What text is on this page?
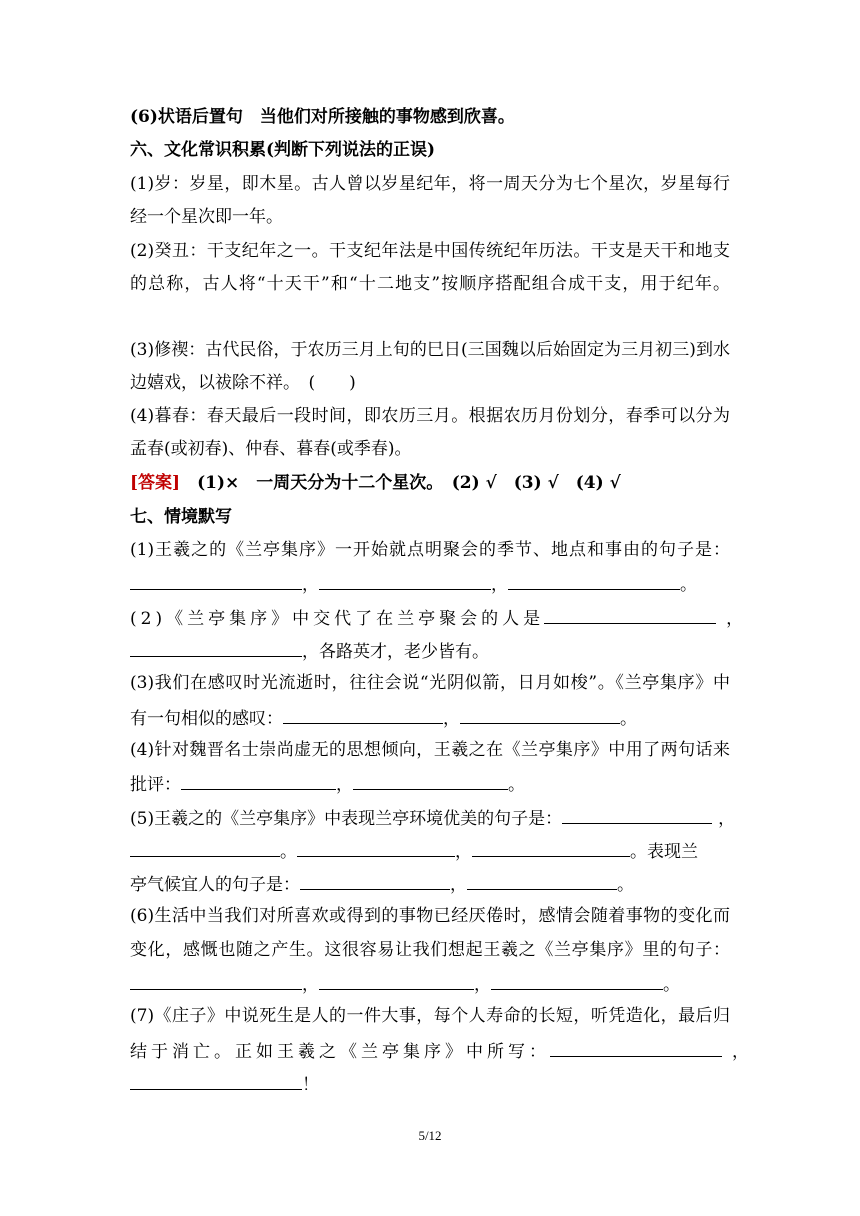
(6)状语后置句　当他们对所接触的事物感到欣喜。
六、文化常识积累(判断下列说法的正误)
(1)岁：岁星，即木星。古人曾以岁星纪年，将一周天分为七个星次，岁星每行
经一个星次即一年。
(2)癸丑：干支纪年之一。干支纪年法是中国传统纪年历法。干支是天干和地支
的总称，古人将“十天干”和“十二地支”按顺序搭配组合成干支，用于纪年。
(3)修禊：古代民俗，于农历三月上旬的巳日(三国魏以后始固定为三月初三)到水
边嬉戏，以祓除不祥。　(　　)
(4)暮春：春天最后一段时间，即农历三月。根据农历月份划分，春季可以分为
孟春(或初春)、仲春、暮春(或季春)。
[答案]　(1)×　一周天分为十二个星次。　(2) √　(3) √　(4) √
七、情境默写
(1)王羲之的《兰亭集序》一开始就点明聚会的季节、地点和事由的句子是：
，	，	。
(2)《兰亭集序》中交代了在兰亭聚会的人是	，
，各路英才，老少皆有。
(3)我们在感叹时光流逝时，往往会说“光阴似箭，日月如梭”。《兰亭集序》中
有一句相似的感叹：	，	。
(4)针对魏晋名士崇尚虚无的思想倾向，王羲之在《兰亭集序》中用了两句话来
批评：	，	。
(5)王羲之的《兰亭集序》中表现兰亭环境优美的句子是：	，
。	，	。表现兰
亭气候宜人的句子是：	，	。
(6)生活中当我们对所喜欢或得到的事物已经厌倦时，感情会随着事物的变化而
变化，感慨也随之产生。这很容易让我们想起王羲之《兰亭集序》里的句子：
，	，	。
(7)《庄子》中说死生是人的一件大事，每个人寿命的长短，听凭造化，最后归
结于消亡。正如王羲之《兰亭集序》中所写：	，
！
5/12
